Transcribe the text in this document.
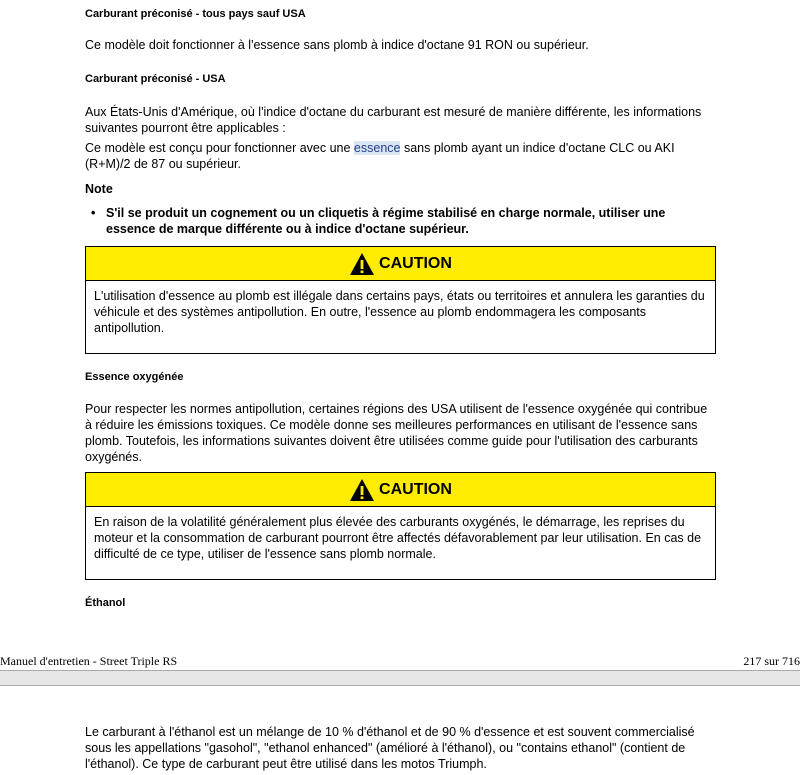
Carburant préconisé - tous pays sauf USA
Ce modèle doit fonctionner à l'essence sans plomb à indice d'octane 91 RON ou supérieur.
Carburant préconisé - USA
Aux États-Unis d'Amérique, où l'indice d'octane du carburant est mesuré de manière différente, les informations suivantes pourront être applicables :
Ce modèle est conçu pour fonctionner avec une essence sans plomb ayant un indice d'octane CLC ou AKI (R+M)/2 de 87 ou supérieur.
Note
• S'il se produit un cognement ou un cliquetis à régime stabilisé en charge normale, utiliser une essence de marque différente ou à indice d'octane supérieur.
CAUTION
L'utilisation d'essence au plomb est illégale dans certains pays, états ou territoires et annulera les garanties du véhicule et des systèmes antipollution. En outre, l'essence au plomb endommagera les composants antipollution.
Essence oxygénée
Pour respecter les normes antipollution, certaines régions des USA utilisent de l'essence oxygénée qui contribue à réduire les émissions toxiques. Ce modèle donne ses meilleures performances en utilisant de l'essence sans plomb. Toutefois, les informations suivantes doivent être utilisées comme guide pour l'utilisation des carburants oxygénés.
CAUTION
En raison de la volatilité généralement plus élevée des carburants oxygénés, le démarrage, les reprises du moteur et la consommation de carburant pourront être affectés défavorablement par leur utilisation. En cas de difficulté de ce type, utiliser de l'essence sans plomb normale.
Éthanol
Manuel d'entretien - Street Triple RS	217 sur 716
Le carburant à l'éthanol est un mélange de 10 % d'éthanol et de 90 % d'essence et est souvent commercialisé sous les appellations "gasohol", "ethanol enhanced" (amélioré à l'éthanol), ou "contains ethanol" (contient de l'éthanol). Ce type de carburant peut être utilisé dans les motos Triumph.
